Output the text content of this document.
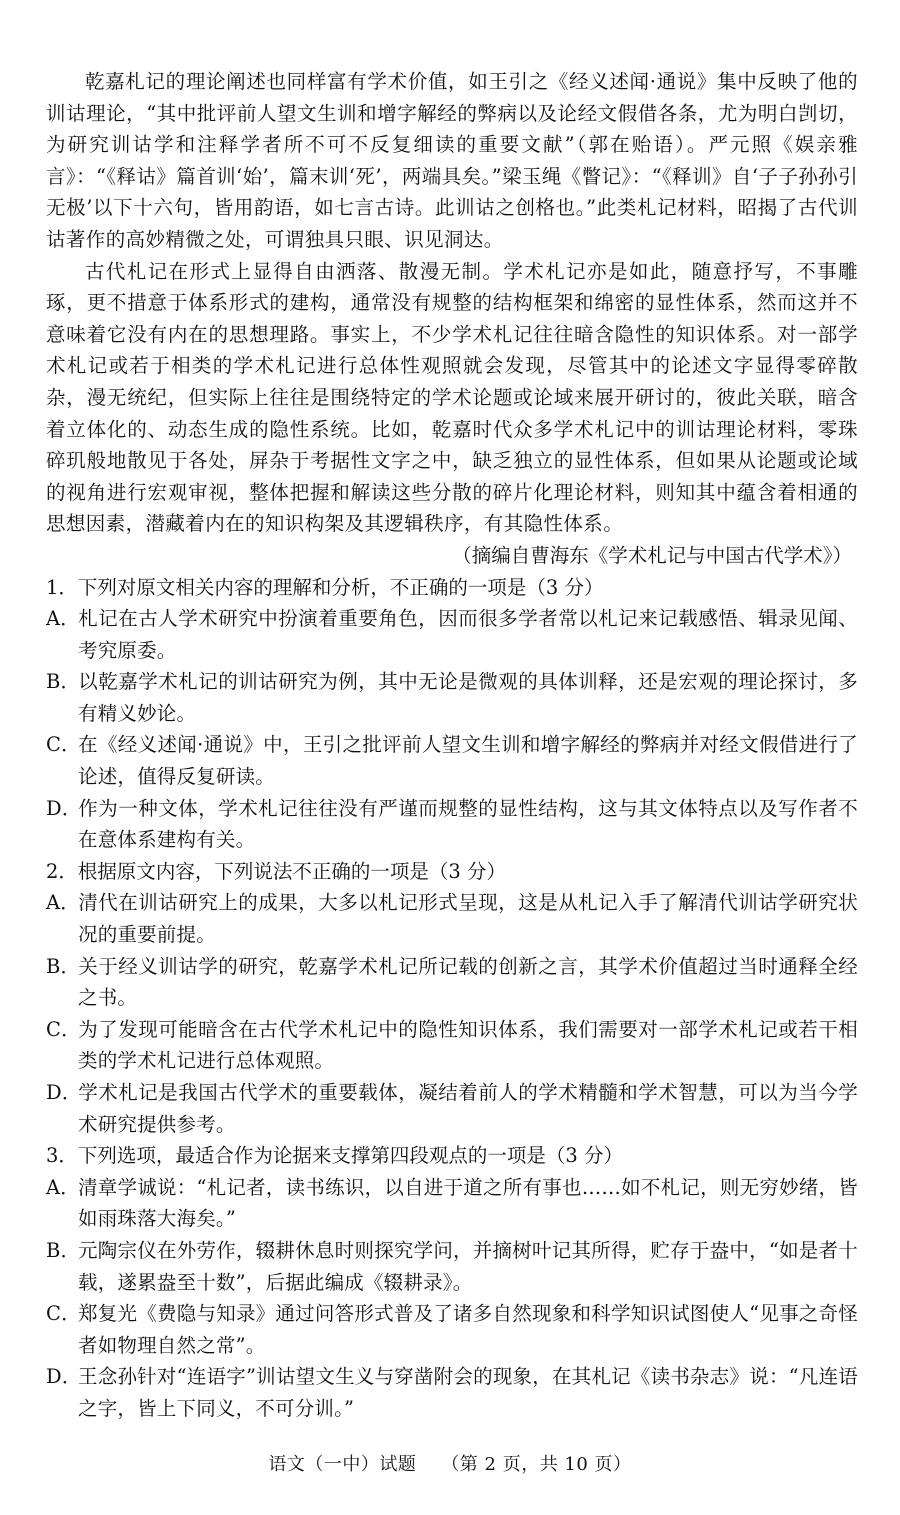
乾嘉札记的理论阐述也同样富有学术价值，如王引之《经义述闻·通说》集中反映了他的训诂理论，“其中批评前人望文生训和增字解经的弊病以及论经文假借各条，尤为明白剀切，为研究训诂学和注释学者所不可不反复细读的重要文献”（郭在贻语）。严元照《娱亲雅言》：“《释诂》篇首训‘始’，篇末训‘死’，两端具矣。”梁玉绳《瞥记》：“《释训》自‘子子孙孙引无极’以下十六句，皆用韵语，如七言古诗。此训诂之创格也。”此类札记材料，昭揭了古代训诂著作的高妙精微之处，可谓独具只眼、识见洞达。

古代札记在形式上显得自由洒落、散漫无制。学术札记亦是如此，随意抒写，不事雕琢，更不措意于体系形式的建构，通常没有规整的结构框架和绵密的显性体系，然而这并不意味着它没有内在的思想理路。事实上，不少学术札记往往暗含隐性的知识体系。对一部学术札记或若于相类的学术札记进行总体性观照就会发现，尽管其中的论述文字显得零碎散杂，漫无统纪，但实际上往往是围绕特定的学术论题或论域来展开研讨的，彼此关联，暗含着立体化的、动态生成的隐性系统。比如，乾嘉时代众多学术札记中的训诂理论材料，零珠碎玑般地散见于各处，屏杂于考据性文字之中，缺乏独立的显性体系，但如果从论题或论域的视角进行宏观审视，整体把握和解读这些分散的碎片化理论材料，则知其中蕴含着相通的思想因素，潜藏着内在的知识构架及其逻辑秩序，有其隐性体系。

（摘编自曹海东《学术札记与中国古代学术》）

1．下列对原文相关内容的理解和分析，不正确的一项是（3 分）

A．札记在古人学术研究中扮演着重要角色，因而很多学者常以札记来记载感悟、辑录见闻、考究原委。

B．以乾嘉学术札记的训诂研究为例，其中无论是微观的具体训释，还是宏观的理论探讨，多有精义妙论。

C．在《经义述闻·通说》中，王引之批评前人望文生训和增字解经的弊病并对经文假借进行了论述，值得反复研读。

D．作为一种文体，学术札记往往没有严谨而规整的显性结构，这与其文体特点以及写作者不在意体系建构有关。

2．根据原文内容，下列说法不正确的一项是（3 分）

A．清代在训诂研究上的成果，大多以札记形式呈现，这是从札记入手了解清代训诂学研究状况的重要前提。

B．关于经义训诂学的研究，乾嘉学术札记所记载的创新之言，其学术价值超过当时通释全经之书。

C．为了发现可能暗含在古代学术札记中的隐性知识体系，我们需要对一部学术札记或若干相类的学术札记进行总体观照。

D．学术札记是我国古代学术的重要载体，凝结着前人的学术精髓和学术智慧，可以为当今学术研究提供参考。

3．下列选项，最适合作为论据来支撑第四段观点的一项是（3 分）

A．清章学诚说：“札记者，读书练识，以自进于道之所有事也……如不札记，则无穷妙绪，皆如雨珠落大海矣。”

B．元陶宗仪在外劳作，辍耕休息时则探究学问，并摘树叶记其所得，贮存于盎中，“如是者十载，遂累盎至十数”，后据此编成《辍耕录》。

C．郑复光《费隐与知录》通过问答形式普及了诸多自然现象和科学知识试图使人“见事之奇怪者如物理自然之常”。

D．王念孙针对“连语字”训诂望文生义与穿凿附会的现象，在其札记《读书杂志》说：“凡连语之字，皆上下同义，不可分训。”

语文（一中）试题 （第 2 页，共 10 页）
